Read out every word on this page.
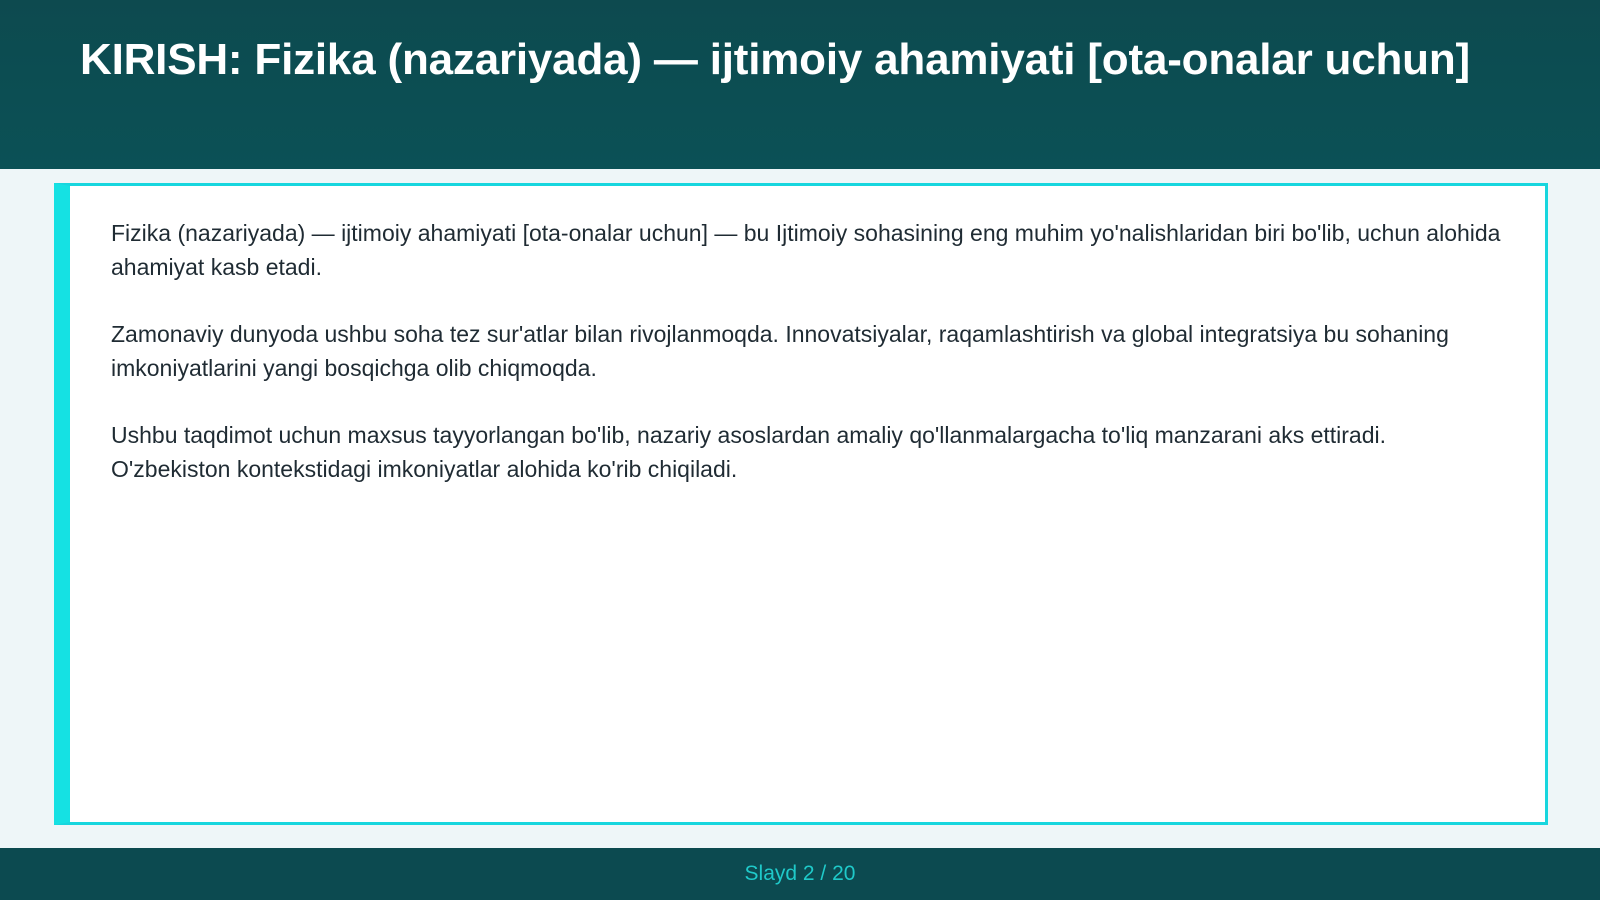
KIRISH: Fizika (nazariyada) — ijtimoiy ahamiyati [ota-onalar uchun]

Fizika (nazariyada) — ijtimoiy ahamiyati [ota-onalar uchun] — bu Ijtimoiy sohasining eng muhim yo'nalishlaridan biri bo'lib, uchun alohida ahamiyat kasb etadi.

Zamonaviy dunyoda ushbu soha tez sur'atlar bilan rivojlanmoqda. Innovatsiyalar, raqamlashtirish va global integratsiya bu sohaning imkoniyatlarini yangi bosqichga olib chiqmoqda.

Ushbu taqdimot uchun maxsus tayyorlangan bo'lib, nazariy asoslardan amaliy qo'llanmalargacha to'liq manzarani aks ettiradi. O'zbekiston kontekstidagi imkoniyatlar alohida ko'rib chiqiladi.

Slayd 2 / 20
